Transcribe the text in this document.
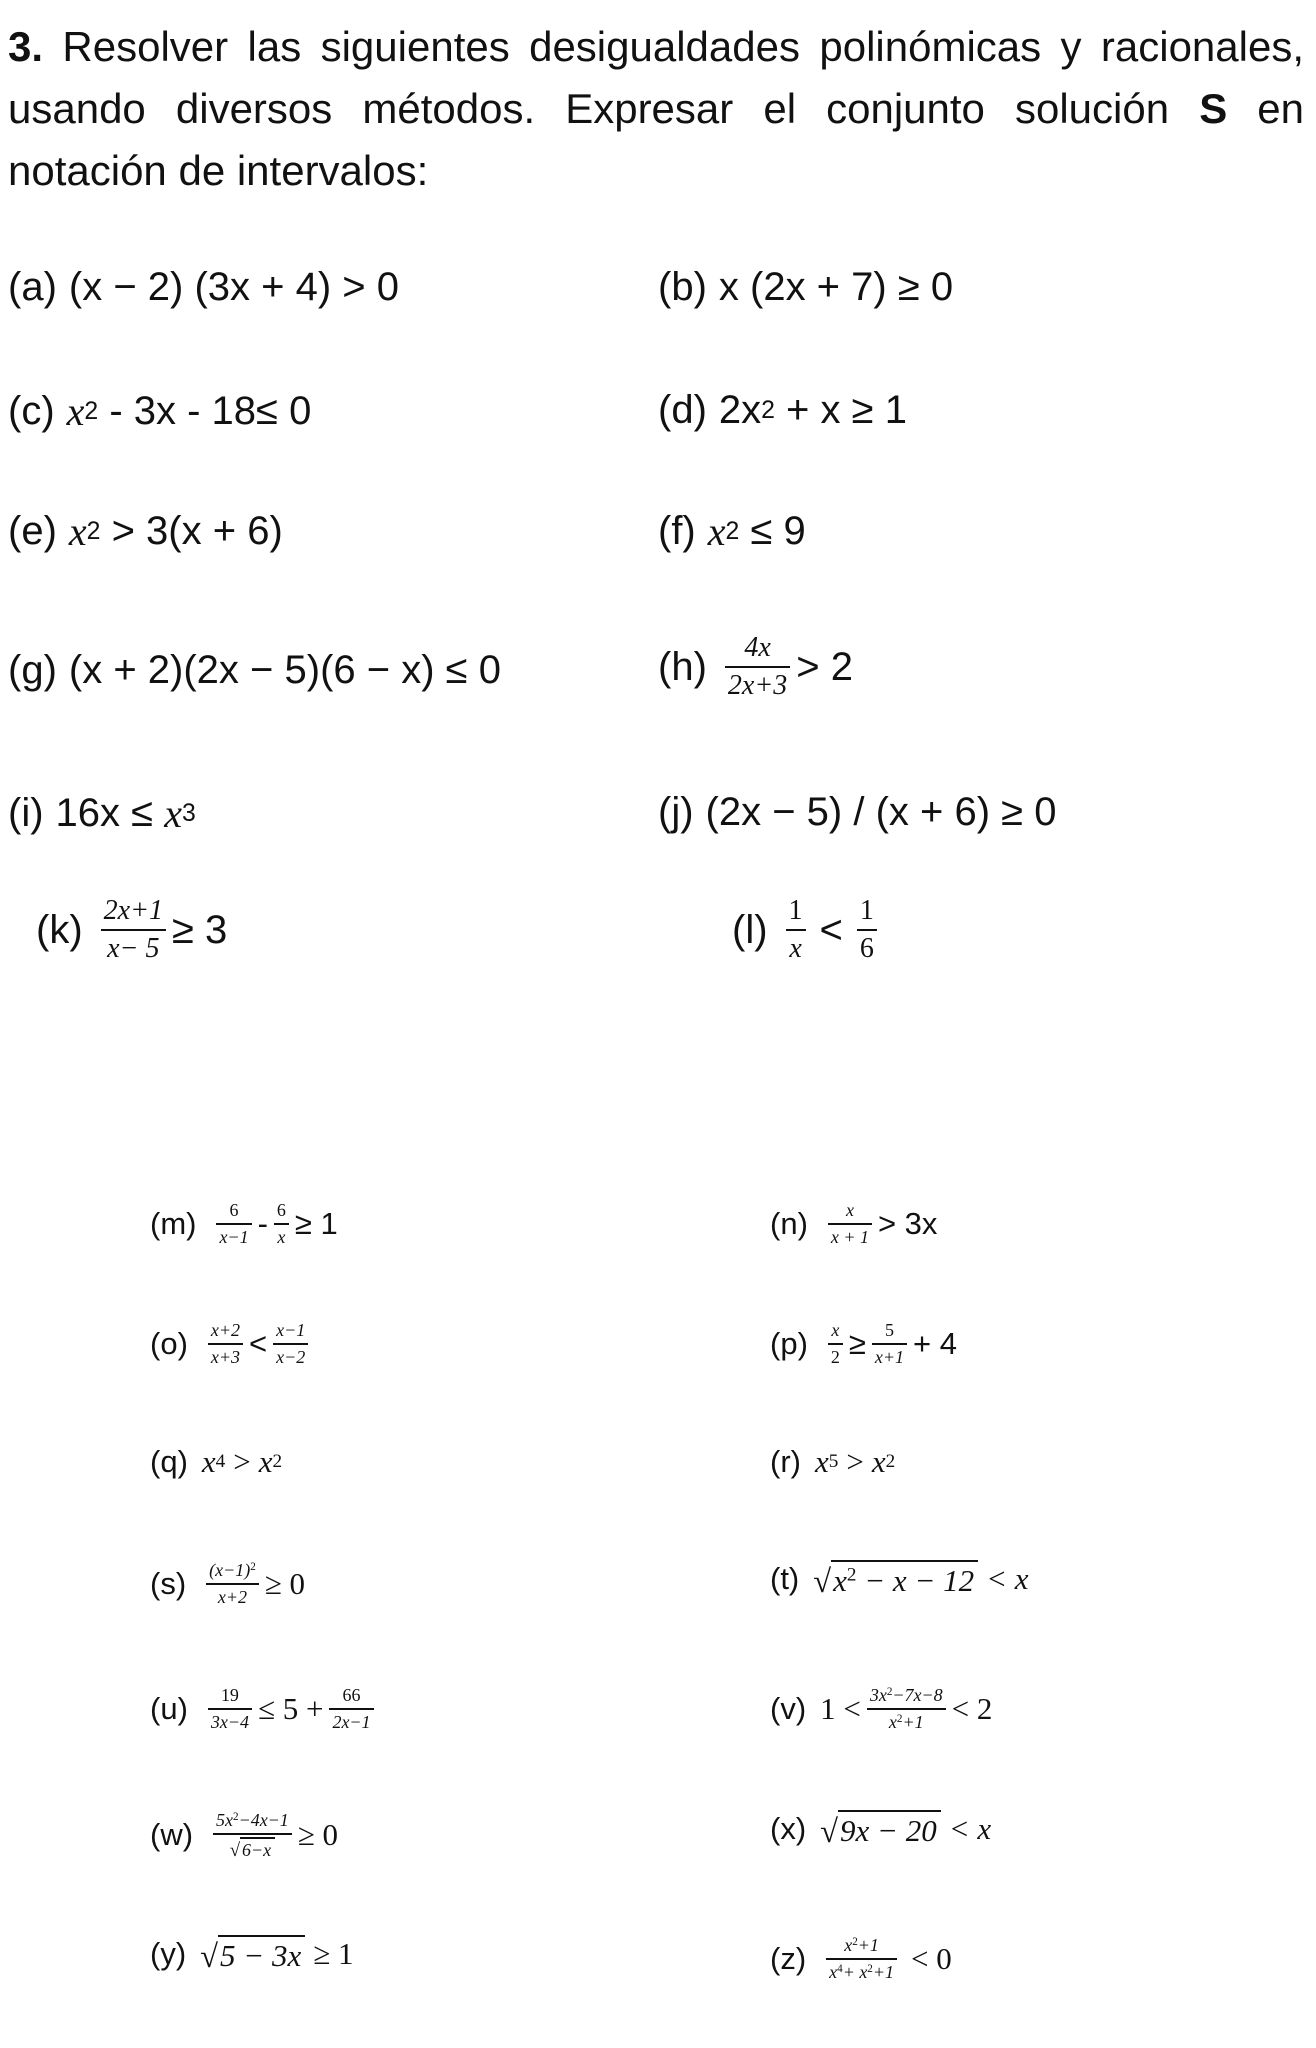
3. Resolver las siguientes desigualdades polinómicas y racionales, usando diversos métodos. Expresar el conjunto solución S en notación de intervalos:
(a) (x − 2) (3x + 4) > 0	(b) x (2x + 7) ≥ 0
(c) x 2 - 3x - 18≤ 0	(d) 2x 2 + x ≥ 1
(e) x 2 > 3(x + 6)	(f) x 2 ≤ 9
(g) (x + 2)(2x − 5)(6 − x) ≤ 0	$(h) \frac{4x}{2x+3} > 2$
(i) 16x ≤ x 3	(j) (2x − 5) / (x + 6) ≥ 0
$(k) \frac{2x+1}{x- 5} \ge 3$	$(l) \frac{1}{x} < \frac{1}{6}$
$(m) \frac{6}{x-1} - \frac{6}{x} \ge 1$	$(n) \frac{x}{x + 1} > 3x$
$(o) \frac{x+2}{x+3} < \frac{x-1}{x-2}$	$(p) \frac{x}{2} \ge \frac{5}{x+1} + 4$
(q) x 4 > x 2	(r) x 5 > x 2
$(s) \frac{(x-1)^2}{x+2} \ge 0$	(t) √ $x^2 - x - 12 < x$
$(u) \frac{19}{3x-4} \le 5 + \frac{66}{2x-1}$	(v) $1 < \frac{3x^2-7x-8}{x^2+1} < 2$
$(w) \frac{5x^2-4x-1}{√ 6-x} \ge 0$	(x) √ 9x − 20 < x
(y) √ 5 − 3x ≥ 1	$(z) \frac{x^2+1}{x^4+ x^2+1} < 0$
